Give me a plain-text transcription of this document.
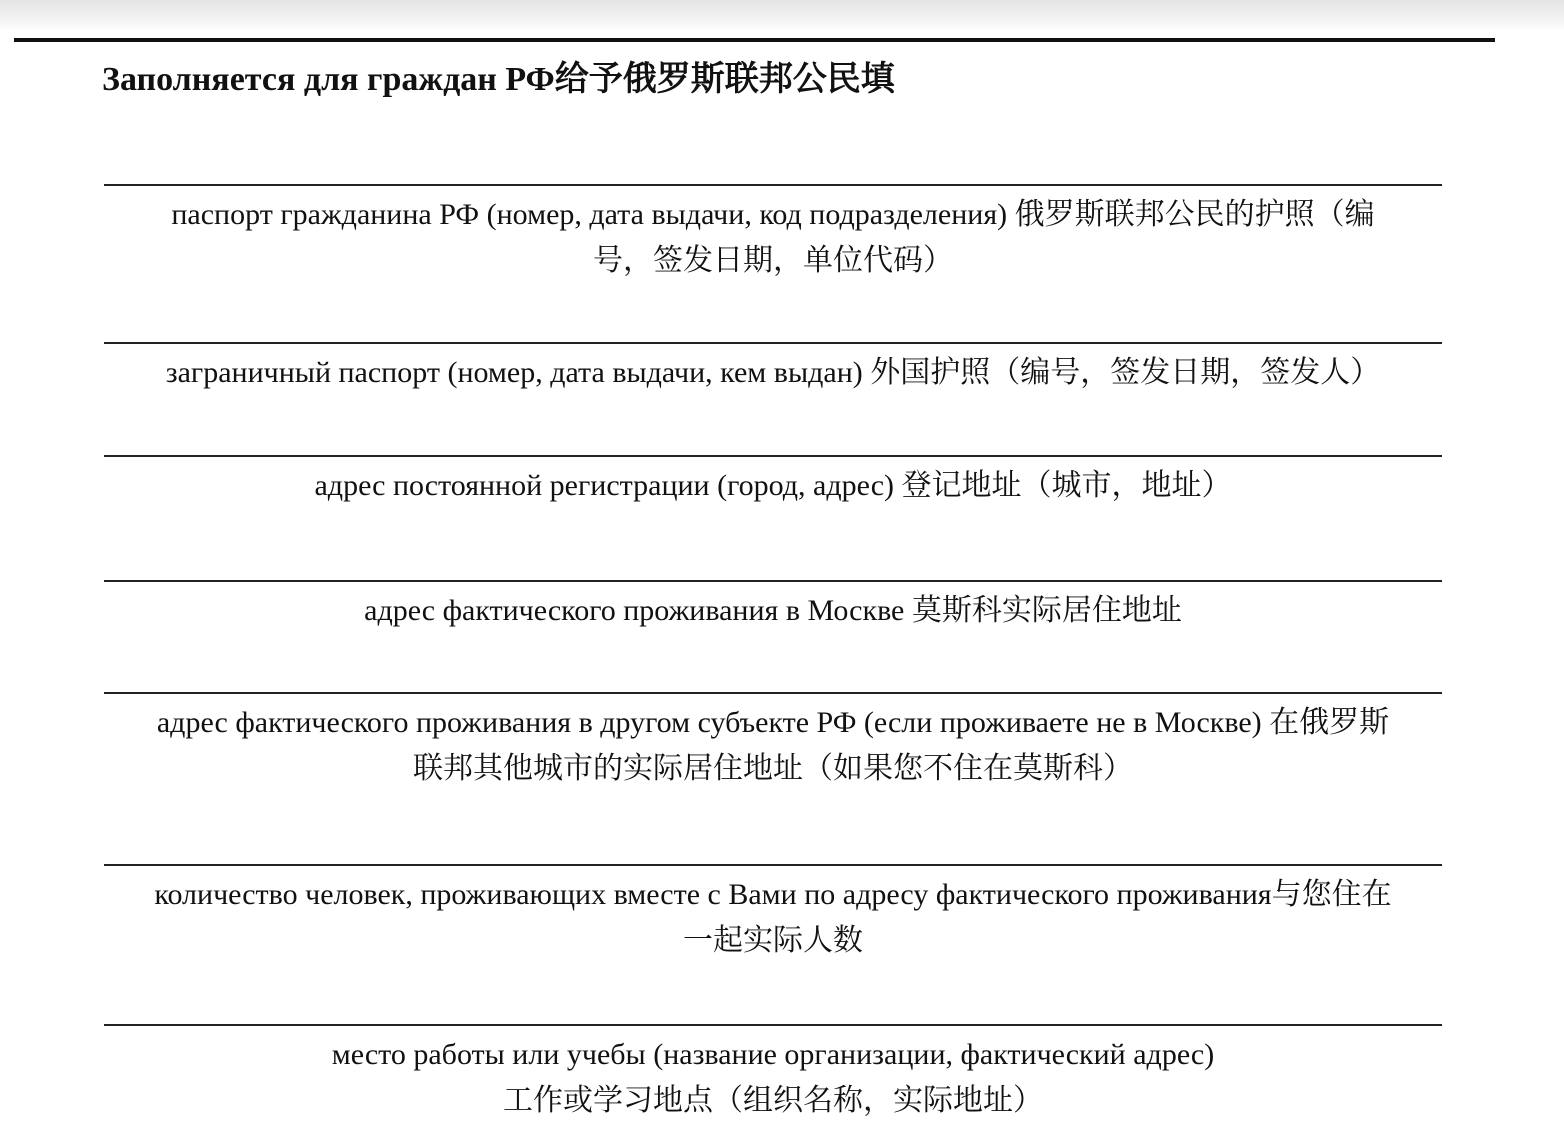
Заполняется для граждан РФ给予俄罗斯联邦公民填

паспорт гражданина РФ (номер, дата выдачи, код подразделения) 俄罗斯联邦公民的护照（编
号，签发日期，单位代码）

заграничный паспорт (номер, дата выдачи, кем выдан) 外国护照（编号，签发日期，签发人）

адрес постоянной регистрации (город, адрес) 登记地址（城市，地址）

адрес фактического проживания в Москве 莫斯科实际居住地址

адрес фактического проживания в другом субъекте РФ (если проживаете не в Москве) 在俄罗斯
联邦其他城市的实际居住地址（如果您不住在莫斯科）

количество человек, проживающих вместе с Вами по адресу фактического проживания与您住在
一起实际人数

место работы или учебы (название организации, фактический адрес)
工作或学习地点（组织名称，实际地址）
